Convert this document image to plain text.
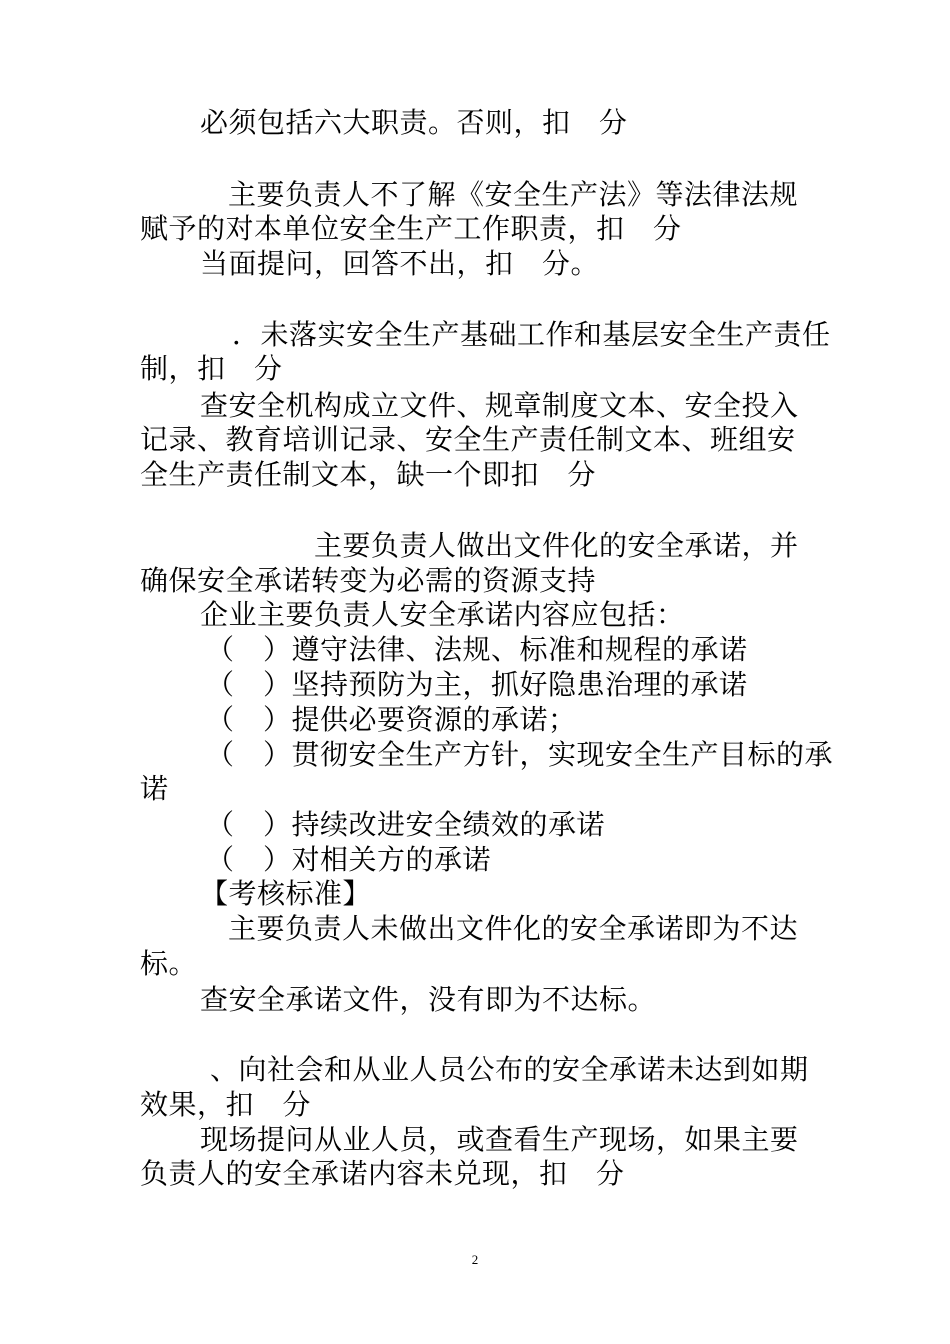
必须包括六大职责。否则，扣　分
主要负责人不了解《安全生产法》等法律法规
赋予的对本单位安全生产工作职责，扣　分
当面提问，回答不出，扣　分。
．未落实安全生产基础工作和基层安全生产责任
制，扣　分
查安全机构成立文件、规章制度文本、安全投入
记录、教育培训记录、安全生产责任制文本、班组安
全生产责任制文本，缺一个即扣　分
主要负责人做出文件化的安全承诺，并
确保安全承诺转变为必需的资源支持
企业主要负责人安全承诺内容应包括：
（　）遵守法律、法规、标准和规程的承诺
（　）坚持预防为主，抓好隐患治理的承诺
（　）提供必要资源的承诺；
（　）贯彻安全生产方针，实现安全生产目标的承
诺
（　）持续改进安全绩效的承诺
（　）对相关方的承诺
【考核标准】
主要负责人未做出文件化的安全承诺即为不达
标。
查安全承诺文件，没有即为不达标。
、向社会和从业人员公布的安全承诺未达到如期
效果，扣　分
现场提问从业人员，或查看生产现场，如果主要
负责人的安全承诺内容未兑现，扣　分
2
